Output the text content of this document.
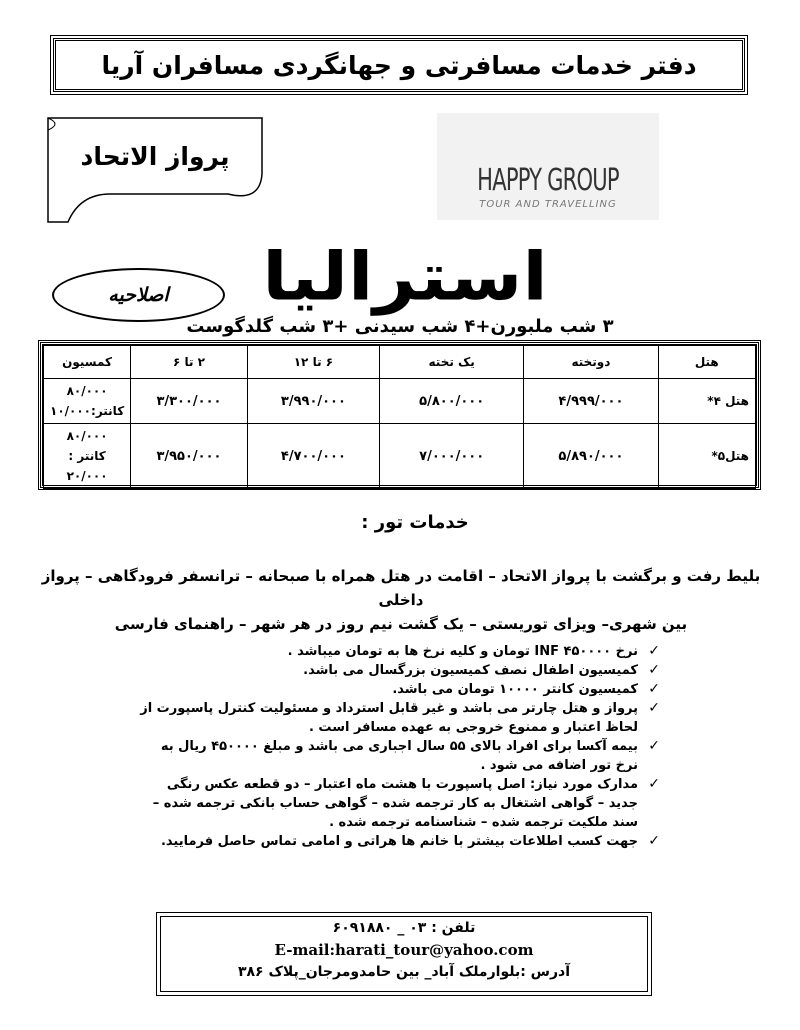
دفتر خدمات مسافرتی و جهانگردی مسافران آریا
پرواز الاتحاد
HAPPY GROUP
TOUR AND TRAVELLING
اصلاحیه	استرالیا
۳ شب ملبورن+۴ شب سیدنی +۳ شب گلدگوست
هتل	دوتخته	یک تخته	۶ تا ۱۲	۲ تا ۶	کمسیون
هتل ۴*	۴/۹۹۹/۰۰۰	۵/۸۰۰/۰۰۰	۳/۹۹۰/۰۰۰	۳/۳۰۰/۰۰۰	۸۰/۰۰۰
کانتر:۱۰/۰۰۰

هتل۵*	۵/۸۹۰/۰۰۰	۷/۰۰۰/۰۰۰	۴/۷۰۰/۰۰۰	۳/۹۵۰/۰۰۰	۸۰/۰۰۰
کانتر : ۲۰/۰۰۰
خدمات تور :
بلیط رفت و برگشت با پرواز الاتحاد – اقامت در هتل همراه با صبحانه – ترانسفر فرودگاهی – پرواز داخلی
بین شهری– ویزای توریستی – یک گشت نیم روز در هر شهر – راهنمای فارسی
✓
نرخ INF ۴۵۰۰۰۰ تومان و کلیه نرخ ها به تومان میباشد .
✓
کمیسیون اطفال نصف کمیسیون بزرگسال می باشد.
✓
کمیسیون کانتر ۱۰۰۰۰ تومان می باشد.
✓
پرواز و هتل چارتر می باشد و غیر قابل استرداد و مسئولیت کنترل پاسپورت از لحاظ اعتبار و ممنوع خروجی به عهده مسافر است .
✓
بیمه آکسا برای افراد بالای ۵۵ سال اجباری می باشد و مبلغ ۴۵۰۰۰۰ ریال به نرخ تور اضافه می شود .
✓
مدارک مورد نیاز: اصل پاسپورت با هشت ماه اعتبار – دو قطعه عکس رنگی جدید – گواهی اشتغال به کار ترجمه شده – گواهی حساب بانکی ترجمه شده – سند ملکیت ترجمه شده – شناسنامه ترجمه شده .
✓
جهت کسب اطلاعات بیشتر با خانم ها هراتی و امامی تماس حاصل فرمایید.
تلفن : ۰۳ _ ۶۰۹۱۸۸۰
E-mail:harati_tour@yahoo.com
آدرس :بلوارملک آباد_ بین حامدومرجان_پلاک ۳۸۶
